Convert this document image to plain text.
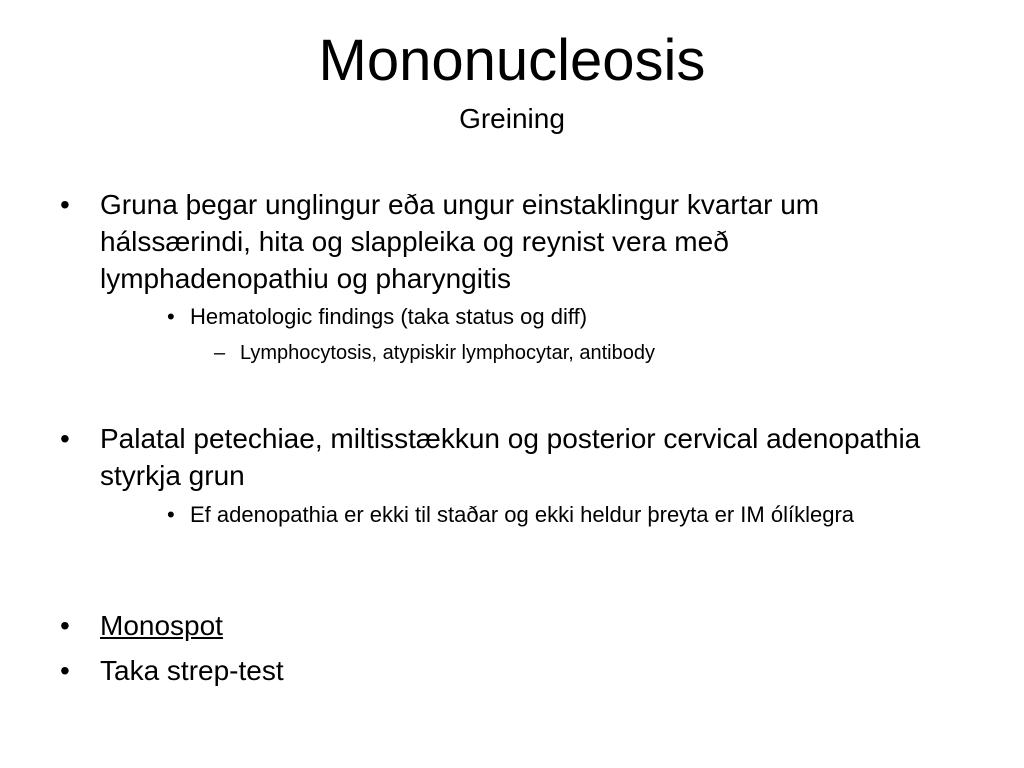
Mononucleosis
Greining
• Gruna þegar unglingur eða ungur einstaklingur kvartar um hálssærindi, hita og slappleika og reynist vera með lymphadenopathiu og pharyngitis
• Hematologic findings (taka status og diff)
– Lymphocytosis, atypiskir lymphocytar, antibody
• Palatal petechiae, miltisstækkun og posterior cervical adenopathia styrkja grun
• Ef adenopathia er ekki til staðar og ekki heldur þreyta er IM ólíklegra
• Monospot
• Taka strep-test
